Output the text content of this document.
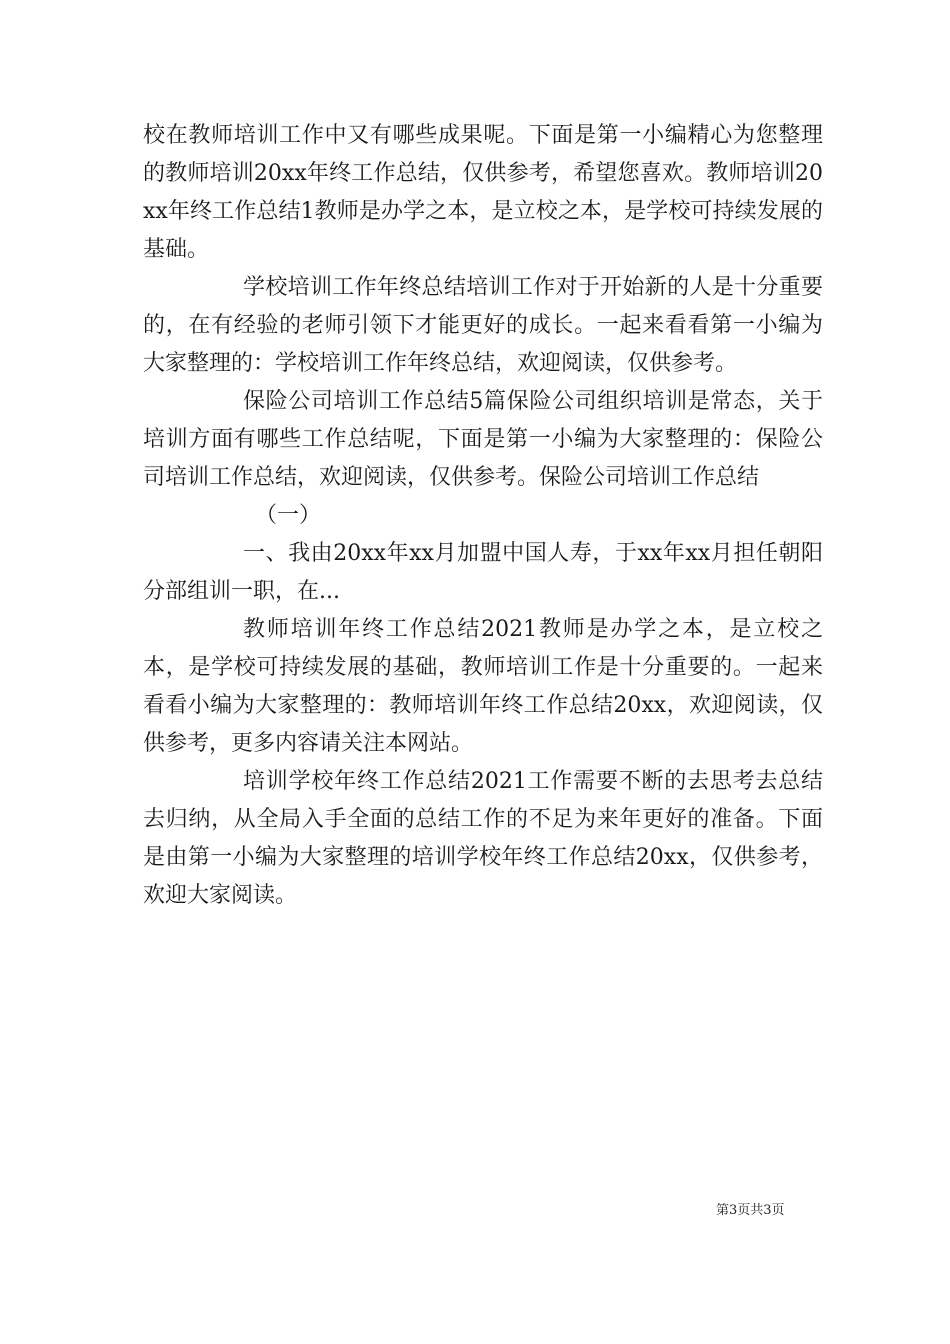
校在教师培训工作中又有哪些成果呢。下面是第一小编精心为您整理的教师培训20xx年终工作总结，仅供参考，希望您喜欢。教师培训20xx年终工作总结1教师是办学之本，是立校之本，是学校可持续发展的基础。

学校培训工作年终总结培训工作对于开始新的人是十分重要的，在有经验的老师引领下才能更好的成长。一起来看看第一小编为大家整理的：学校培训工作年终总结，欢迎阅读，仅供参考。

保险公司培训工作总结5篇保险公司组织培训是常态，关于培训方面有哪些工作总结呢，下面是第一小编为大家整理的：保险公司培训工作总结，欢迎阅读，仅供参考。保险公司培训工作总结

（一）

一、我由20xx年xx月加盟中国人寿，于xx年xx月担任朝阳分部组训一职，在...

教师培训年终工作总结2021教师是办学之本，是立校之本，是学校可持续发展的基础，教师培训工作是十分重要的。一起来看看小编为大家整理的：教师培训年终工作总结20xx，欢迎阅读，仅供参考，更多内容请关注本网站。

培训学校年终工作总结2021工作需要不断的去思考去总结去归纳，从全局入手全面的总结工作的不足为来年更好的准备。下面是由第一小编为大家整理的培训学校年终工作总结20xx，仅供参考，欢迎大家阅读。

第3页共3页
